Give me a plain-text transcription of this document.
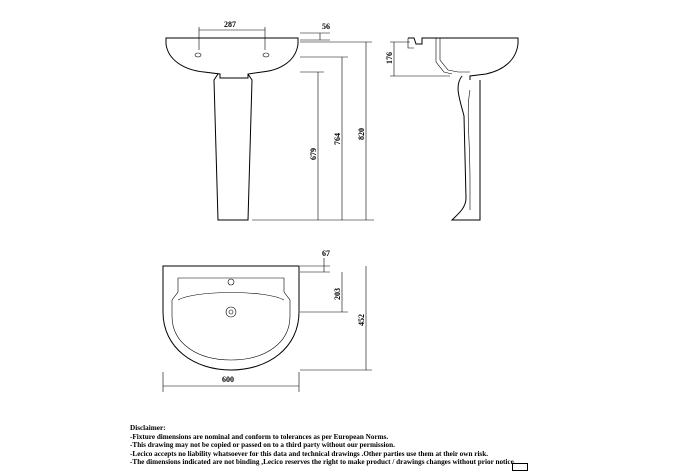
287	56
679
764 820
176
67
203
452
600
Disclaimer:
-Fixture dimensions are nominal and conform to tolerances as per European Norms.
-This drawing may not be copied or passed on to a third party without our permission.
-Lecico accepts no liability whatsoever for this data and technical drawings .Other parties use them at their own risk.
-The dimensions indicated are not binding ,Lecico reserves the right to make product / drawings changes without prior notice.
